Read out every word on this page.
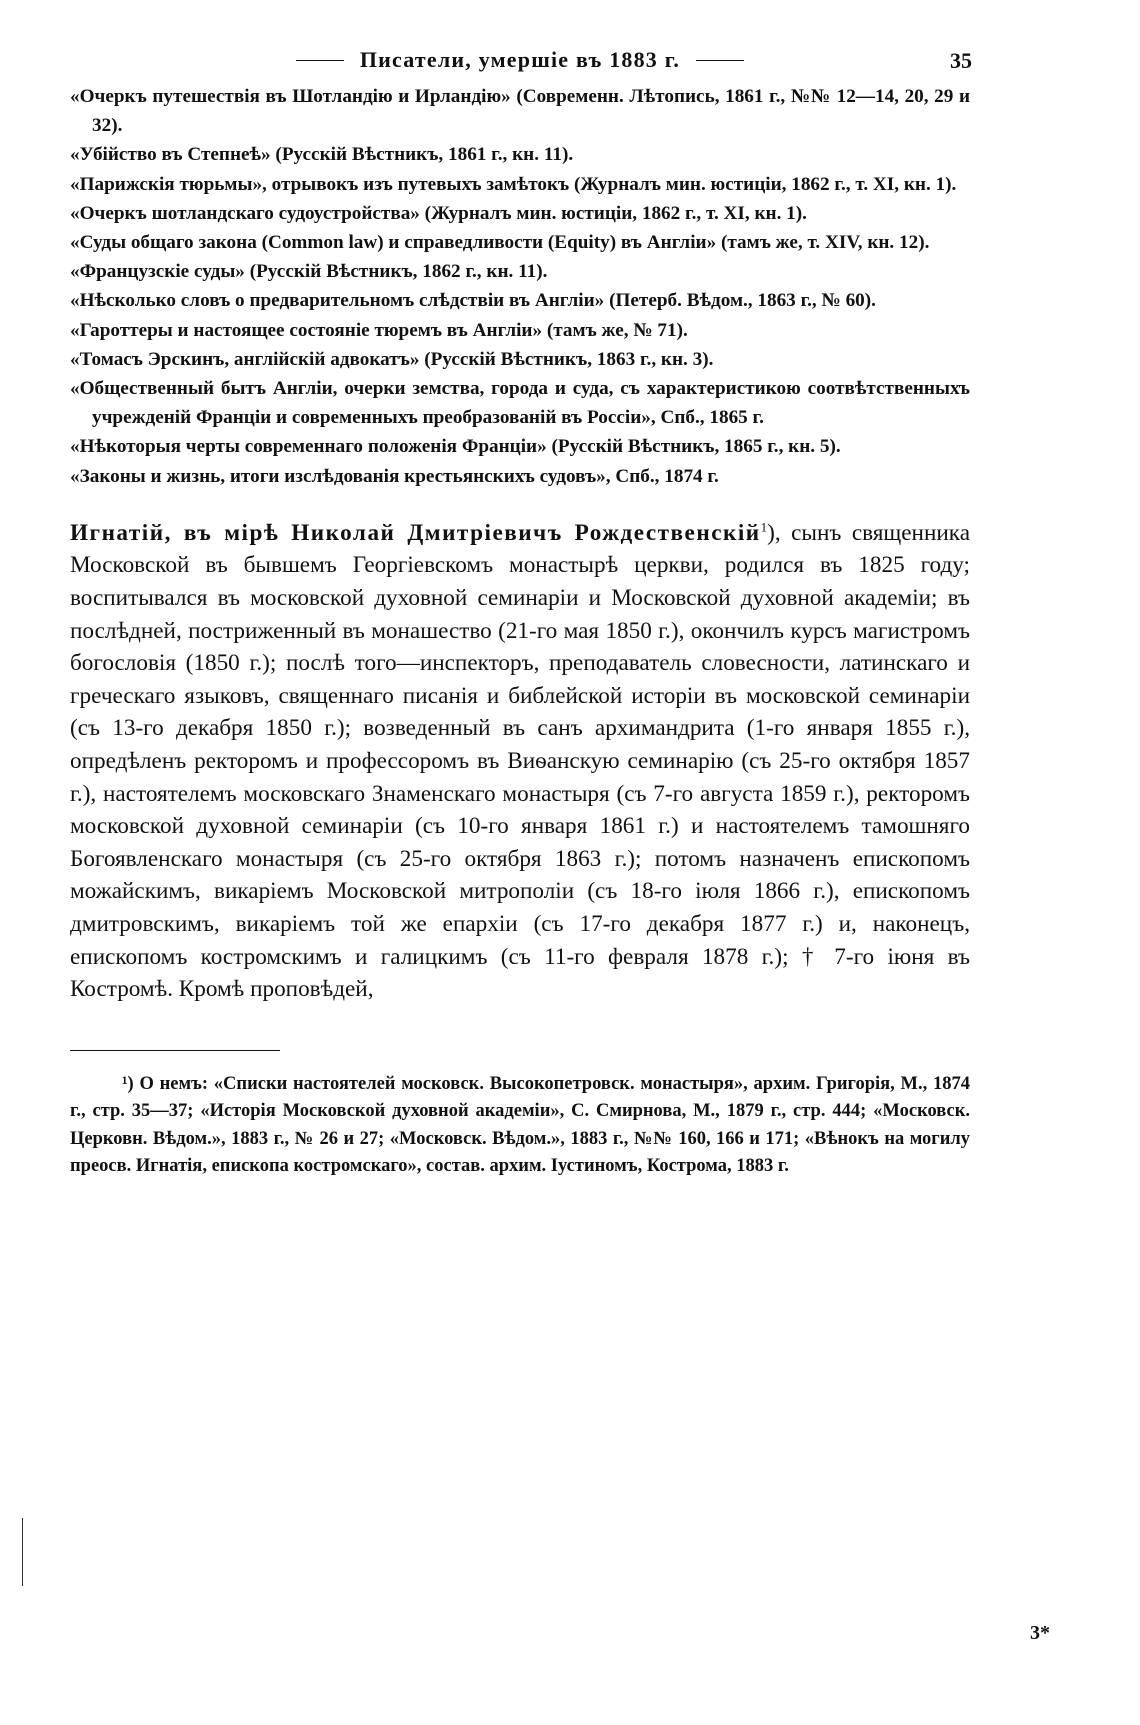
Писатели, умершіе въ 1883 г.	35
«Очеркъ путешествія въ Шотландію и Ирландію» (Современн. Лѣтопись, 1861 г., №№ 12—14, 20, 29 и 32).
«Убійство въ Степнеѣ» (Русскій Вѣстникъ, 1861 г., кн. 11).
«Парижскія тюрьмы», отрывокъ изъ путевыхъ замѣтокъ (Журналъ мин. юстиціи, 1862 г., т. XI, кн. 1).
«Очеркъ шотландскаго судоустройства» (Журналъ мин. юстиціи, 1862 г., т. XI, кн. 1).
«Суды общаго закона (Common law) и справедливости (Equity) въ Англіи» (тамъ же, т. XIV, кн. 12).
«Французскіе суды» (Русскій Вѣстникъ, 1862 г., кн. 11).
«Нѣсколько словъ о предварительномъ слѣдствіи въ Англіи» (Петерб. Вѣдом., 1863 г., № 60).
«Гароттеры и настоящее состояніе тюремъ въ Англіи» (тамъ же, № 71).
«Томасъ Эрскинъ, англійскій адвокатъ» (Русскій Вѣстникъ, 1863 г., кн. 3).
«Общественный бытъ Англіи, очерки земства, города и суда, съ характеристикою соотвѣтственныхъ учрежденій Франціи и современныхъ преобразованій въ Россіи», Спб., 1865 г.
«Нѣкоторыя черты современнаго положенія Франціи» (Русскій Вѣстникъ, 1865 г., кн. 5).
«Законы и жизнь, итоги изслѣдованія крестьянскихъ судовъ», Спб., 1874 г.
Игнатій, въ мірѣ Николай Дмитріевичъ Рождественскій$^1$), сынъ священника Московской въ бывшемъ Георгіевскомъ монастырѣ церкви, родился въ 1825 году; воспитывался въ московской духовной семинаріи и Московской духовной академіи; въ послѣдней, постриженный въ монашество (21-го мая 1850 г.), окончилъ курсъ магистромъ богословія (1850 г.); послѣ того—инспекторъ, преподаватель словесности, латинскаго и греческаго языковъ, священнаго писанія и библейской исторіи въ московской семинаріи (съ 13-го декабря 1850 г.); возведенный въ санъ архимандрита (1-го января 1855 г.), опредѣленъ ректоромъ и профессоромъ въ Виѳанскую семинарію (съ 25-го октября 1857 г.), настоятелемъ московскаго Знаменскаго монастыря (съ 7-го августа 1859 г.), ректоромъ московской духовной семинаріи (съ 10-го января 1861 г.) и настоятелемъ тамошняго Богоявленскаго монастыря (съ 25-го октября 1863 г.); потомъ назначенъ епископомъ можайскимъ, викаріемъ Московской митрополіи (съ 18-го іюля 1866 г.), епископомъ дмитровскимъ, викаріемъ той же епархіи (съ 17-го декабря 1877 г.) и, наконецъ, епископомъ костромскимъ и галицкимъ (съ 11-го февраля 1878 г.); † 7-го іюня въ Костромѣ. Кромѣ проповѣдей,
¹) О немъ: «Списки настоятелей московск. Высокопетровск. монастыря», архим. Григорія, М., 1874 г., стр. 35—37; «Исторія Московской духовной академіи», С. Смирнова, М., 1879 г., стр. 444; «Московск. Церковн. Вѣдом.», 1883 г., № 26 и 27; «Московск. Вѣдом.», 1883 г., №№ 160, 166 и 171; «Вѣнокъ на могилу преосв. Игнатія, епископа костромскаго», состав. архим. Іустиномъ, Кострома, 1883 г.
3*
